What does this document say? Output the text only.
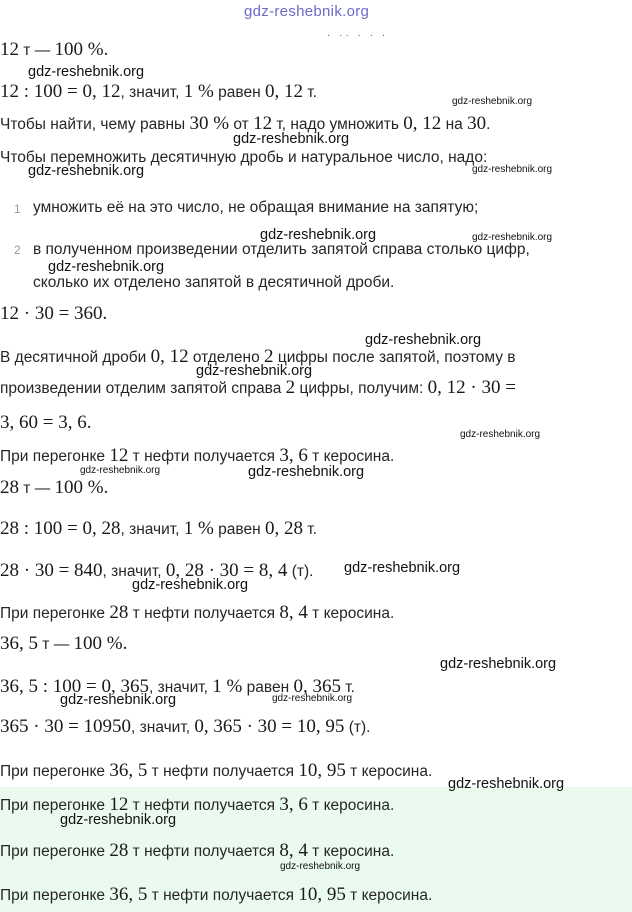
gdz-reshebnik.org
· ·· · · ·
12 т — 100 %.
gdz-reshebnik.org
12 : 100 = 0, 12, значит, 1 % равен 0, 12 т.
gdz-reshebnik.org
Чтобы найти, чему равны 30 % от 12 т, надо умножить 0, 12 на 30.
gdz-reshebnik.org
Чтобы перемножить десятичную дробь и натуральное число, надо:
gdz-reshebnik.org	gdz-reshebnik.org
1 умножить её на это число, не обращая внимание на запятую;
gdz-reshebnik.org	gdz-reshebnik.org
2 в полученном произведении отделить запятой справа столько цифр,
gdz-reshebnik.org
сколько их отделено запятой в десятичной дроби.
12 · 30 = 360.
gdz-reshebnik.org
В десятичной дроби 0, 12 отделено 2 цифры после запятой, поэтому в
gdz-reshebnik.org
произведении отделим запятой справа 2 цифры, получим: 0, 12 · 30 =
3, 60 = 3, 6.
gdz-reshebnik.org
При перегонке 12 т нефти получается 3, 6 т керосина.
gdz-reshebnik.org	gdz-reshebnik.org
28 т — 100 %.
28 : 100 = 0, 28, значит, 1 % равен 0, 28 т.
28 · 30 = 840, значит, 0, 28 · 30 = 8, 4 (т). gdz-reshebnik.org
gdz-reshebnik.org
При перегонке 28 т нефти получается 8, 4 т керосина.
36, 5 т — 100 %.
gdz-reshebnik.org
36, 5 : 100 = 0, 365, значит, 1 % равен 0, 365 т.
gdz-reshebnik.org	gdz-reshebnik.org
365 · 30 = 10950, значит, 0, 365 · 30 = 10, 95 (т).
При перегонке 36, 5 т нефти получается 10, 95 т керосина.
gdz-reshebnik.org
При перегонке 12 т нефти получается 3, 6 т керосина.
gdz-reshebnik.org
При перегонке 28 т нефти получается 8, 4 т керосина.
gdz-reshebnik.org
При перегонке 36, 5 т нефти получается 10, 95 т керосина.
